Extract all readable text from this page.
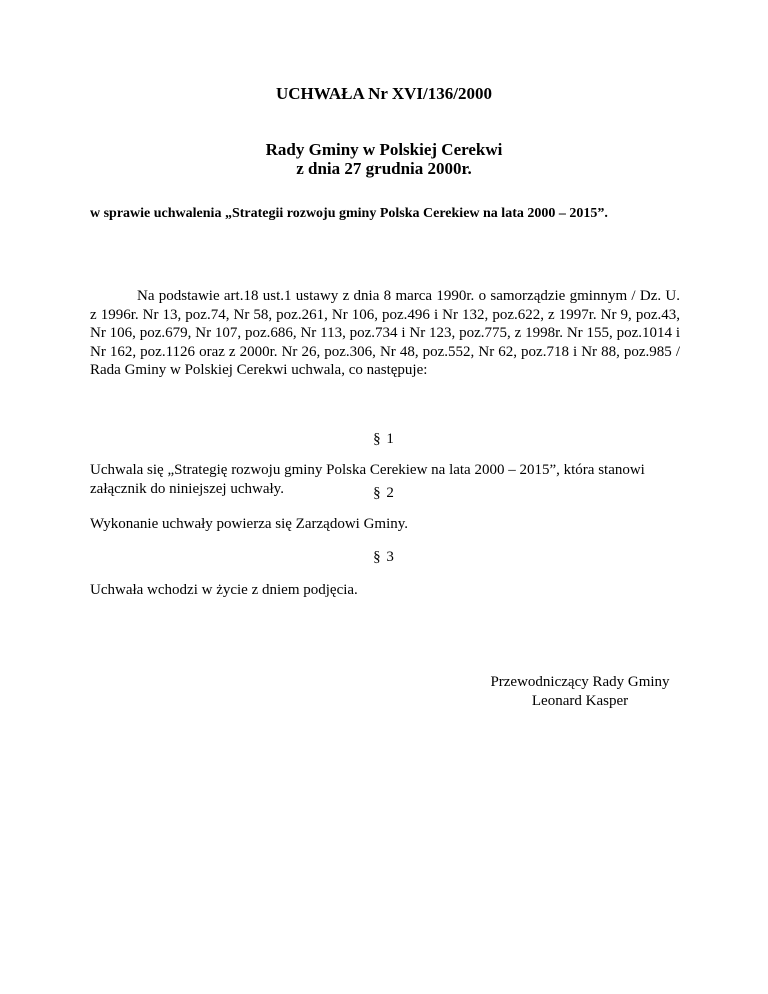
UCHWAŁA Nr XVI/136/2000

Rady Gminy w Polskiej Cerekwi
z dnia 27 grudnia 2000r.

w sprawie uchwalenia „Strategii rozwoju gminy Polska Cerekiew na lata 2000 – 2015”.

Na podstawie art.18 ust.1 ustawy z dnia 8 marca 1990r. o samorządzie gminnym / Dz. U. z 1996r. Nr 13, poz.74, Nr 58, poz.261, Nr 106, poz.496 i Nr 132, poz.622, z 1997r. Nr 9, poz.43, Nr 106, poz.679, Nr 107, poz.686, Nr 113, poz.734 i Nr 123, poz.775, z 1998r. Nr 155, poz.1014 i Nr 162, poz.1126 oraz z 2000r. Nr 26, poz.306, Nr 48, poz.552, Nr 62, poz.718 i Nr 88, poz.985 / Rada Gminy w Polskiej Cerekwi uchwala, co następuje:

§ 1

Uchwala się „Strategię rozwoju gminy Polska Cerekiew na lata 2000 – 2015”, która stanowi załącznik do niniejszej uchwały.	§ 2

Wykonanie uchwały powierza się Zarządowi Gminy.

§ 3

Uchwała wchodzi w życie z dniem podjęcia.

Przewodniczący Rady Gminy
Leonard Kasper
